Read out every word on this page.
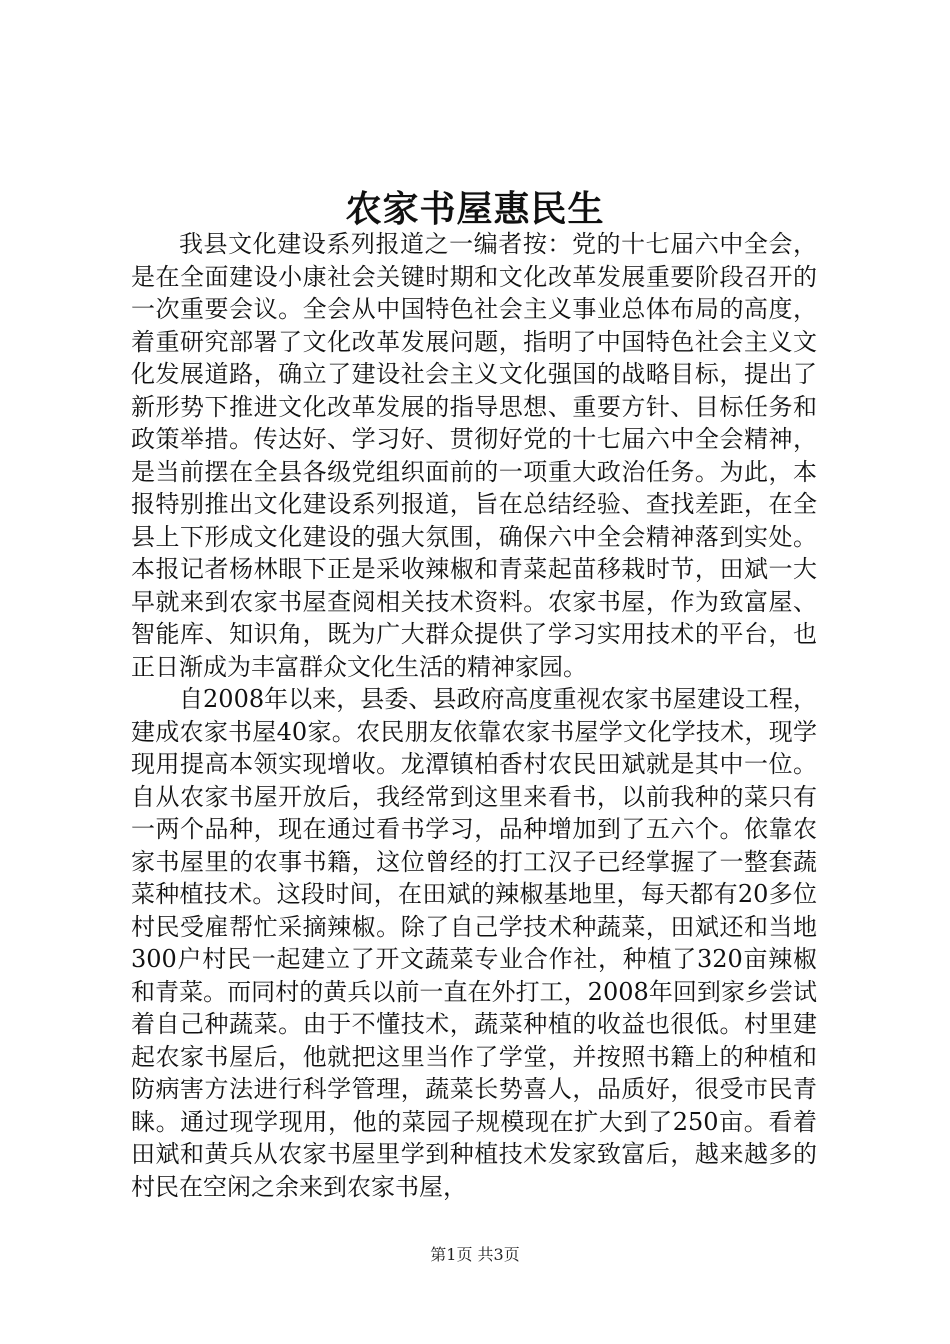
农家书屋惠民生

我县文化建设系列报道之一编者按：党的十七届六中全会，是在全面建设小康社会关键时期和文化改革发展重要阶段召开的一次重要会议。全会从中国特色社会主义事业总体布局的高度，着重研究部署了文化改革发展问题，指明了中国特色社会主义文化发展道路，确立了建设社会主义文化强国的战略目标，提出了新形势下推进文化改革发展的指导思想、重要方针、目标任务和政策举措。传达好、学习好、贯彻好党的十七届六中全会精神，是当前摆在全县各级党组织面前的一项重大政治任务。为此，本报特别推出文化建设系列报道，旨在总结经验、查找差距，在全县上下形成文化建设的强大氛围，确保六中全会精神落到实处。本报记者杨林眼下正是采收辣椒和青菜起苗移栽时节，田斌一大早就来到农家书屋查阅相关技术资料。农家书屋，作为致富屋、智能库、知识角，既为广大群众提供了学习实用技术的平台，也正日渐成为丰富群众文化生活的精神家园。

自2008年以来，县委、县政府高度重视农家书屋建设工程，建成农家书屋40家。农民朋友依靠农家书屋学文化学技术，现学现用提高本领实现增收。龙潭镇柏香村农民田斌就是其中一位。自从农家书屋开放后，我经常到这里来看书，以前我种的菜只有一两个品种，现在通过看书学习，品种增加到了五六个。依靠农家书屋里的农事书籍，这位曾经的打工汉子已经掌握了一整套蔬菜种植技术。这段时间，在田斌的辣椒基地里，每天都有20多位村民受雇帮忙采摘辣椒。除了自己学技术种蔬菜，田斌还和当地300户村民一起建立了开文蔬菜专业合作社，种植了320亩辣椒和青菜。而同村的黄兵以前一直在外打工，2008年回到家乡尝试着自己种蔬菜。由于不懂技术，蔬菜种植的收益也很低。村里建起农家书屋后，他就把这里当作了学堂，并按照书籍上的种植和防病害方法进行科学管理，蔬菜长势喜人，品质好，很受市民青睐。通过现学现用，他的菜园子规模现在扩大到了250亩。看着田斌和黄兵从农家书屋里学到种植技术发家致富后，越来越多的村民在空闲之余来到农家书屋，

第1页 共3页
